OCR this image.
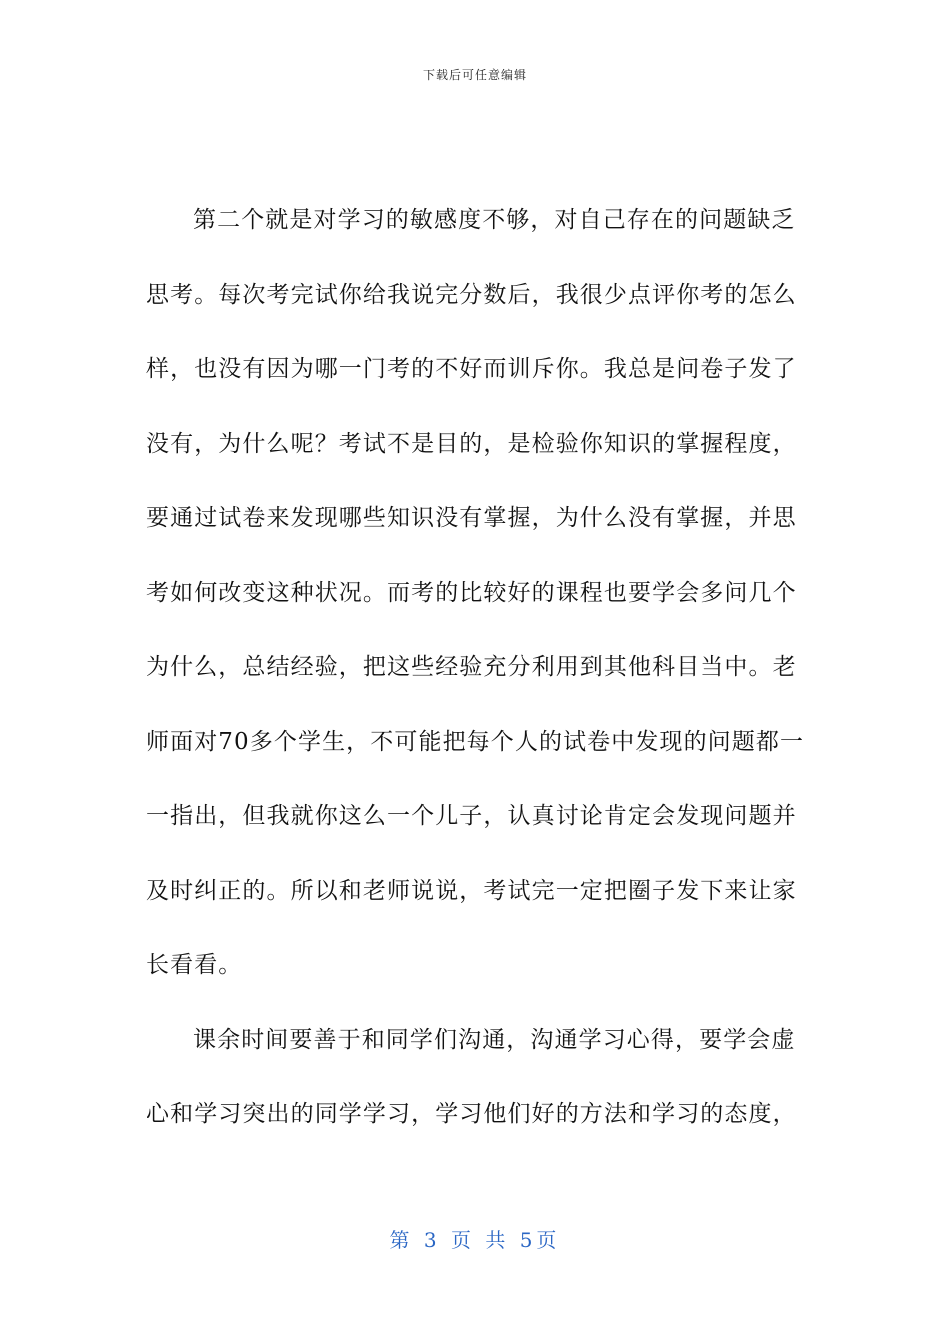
下载后可任意编辑
第二个就是对学习的敏感度不够，对自己存在的问题缺乏
思考。每次考完试你给我说完分数后，我很少点评你考的怎么
样，也没有因为哪一门考的不好而训斥你。我总是问卷子发了
没有，为什么呢？考试不是目的，是检验你知识的掌握程度，
要通过试卷来发现哪些知识没有掌握，为什么没有掌握，并思
考如何改变这种状况。而考的比较好的课程也要学会多问几个
为什么，总结经验，把这些经验充分利用到其他科目当中。老
师面对70多个学生，不可能把每个人的试卷中发现的问题都一
一指出，但我就你这么一个儿子，认真讨论肯定会发现问题并
及时纠正的。所以和老师说说，考试完一定把圈子发下来让家
长看看。
课余时间要善于和同学们沟通，沟通学习心得，要学会虚
心和学习突出的同学学习，学习他们好的方法和学习的态度，
第 3 页 共 5页
